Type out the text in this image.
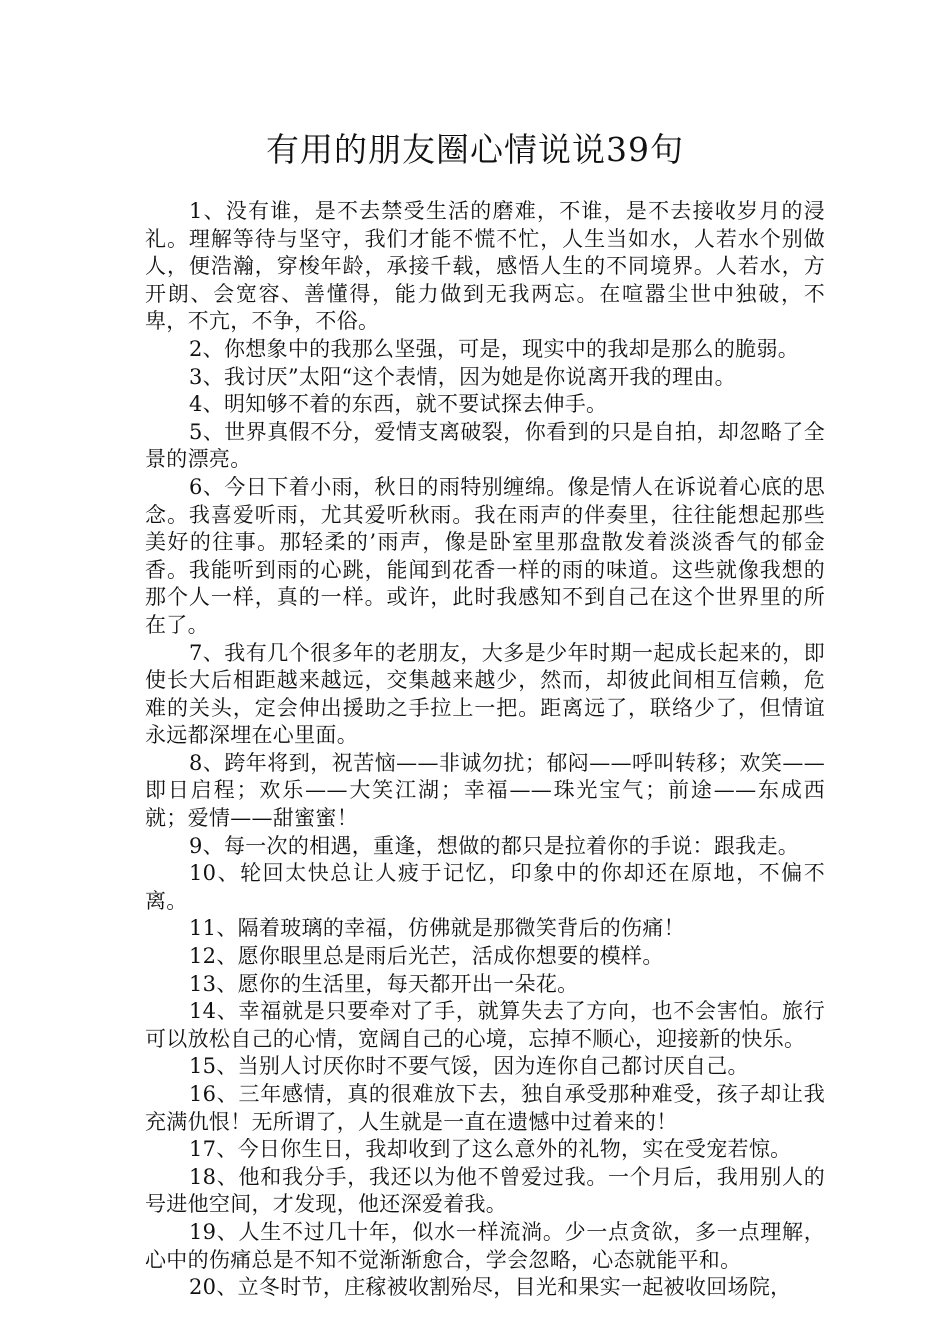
有用的朋友圈心情说说39句

1、没有谁，是不去禁受生活的磨难，不谁，是不去接收岁月的浸礼。理解等待与坚守，我们才能不慌不忙，人生当如水，人若水个别做人，便浩瀚，穿梭年龄，承接千载，感悟人生的不同境界。人若水，方开朗、会宽容、善懂得，能力做到无我两忘。在喧嚣尘世中独破，不卑，不亢，不争，不俗。

2、你想象中的我那么坚强，可是，现实中的我却是那么的脆弱。

3、我讨厌”太阳“这个表情，因为她是你说离开我的理由。

4、明知够不着的东西，就不要试探去伸手。

5、世界真假不分，爱情支离破裂，你看到的只是自拍，却忽略了全景的漂亮。

6、今日下着小雨，秋日的雨特别缠绵。像是情人在诉说着心底的思念。我喜爱听雨，尤其爱听秋雨。我在雨声的伴奏里，往往能想起那些美好的往事。那轻柔的’雨声，像是卧室里那盘散发着淡淡香气的郁金香。我能听到雨的心跳，能闻到花香一样的雨的味道。这些就像我想的那个人一样，真的一样。或许，此时我感知不到自己在这个世界里的所在了。

7、我有几个很多年的老朋友，大多是少年时期一起成长起来的，即使长大后相距越来越远，交集越来越少，然而，却彼此间相互信赖，危难的关头，定会伸出援助之手拉上一把。距离远了，联络少了，但情谊永远都深埋在心里面。

8、跨年将到，祝苦恼——非诚勿扰；郁闷——呼叫转移；欢笑——即日启程；欢乐——大笑江湖；幸福——珠光宝气；前途——东成西就；爱情——甜蜜蜜！

9、每一次的相遇，重逢，想做的都只是拉着你的手说：跟我走。

10、轮回太快总让人疲于记忆，印象中的你却还在原地，不偏不离。

11、隔着玻璃的幸福，仿佛就是那微笑背后的伤痛！

12、愿你眼里总是雨后光芒，活成你想要的模样。

13、愿你的生活里，每天都开出一朵花。

14、幸福就是只要牵对了手，就算失去了方向，也不会害怕。旅行可以放松自己的心情，宽阔自己的心境，忘掉不顺心，迎接新的快乐。

15、当别人讨厌你时不要气馁，因为连你自己都讨厌自己。

16、三年感情，真的很难放下去，独自承受那种难受，孩子却让我充满仇恨！无所谓了，人生就是一直在遗憾中过着来的！

17、今日你生日，我却收到了这么意外的礼物，实在受宠若惊。

18、他和我分手，我还以为他不曾爱过我。一个月后，我用别人的号进他空间，才发现，他还深爱着我。

19、人生不过几十年，似水一样流淌。少一点贪欲，多一点理解，心中的伤痛总是不知不觉渐渐愈合，学会忽略，心态就能平和。

20、立冬时节，庄稼被收割殆尽，目光和果实一起被收回场院，
